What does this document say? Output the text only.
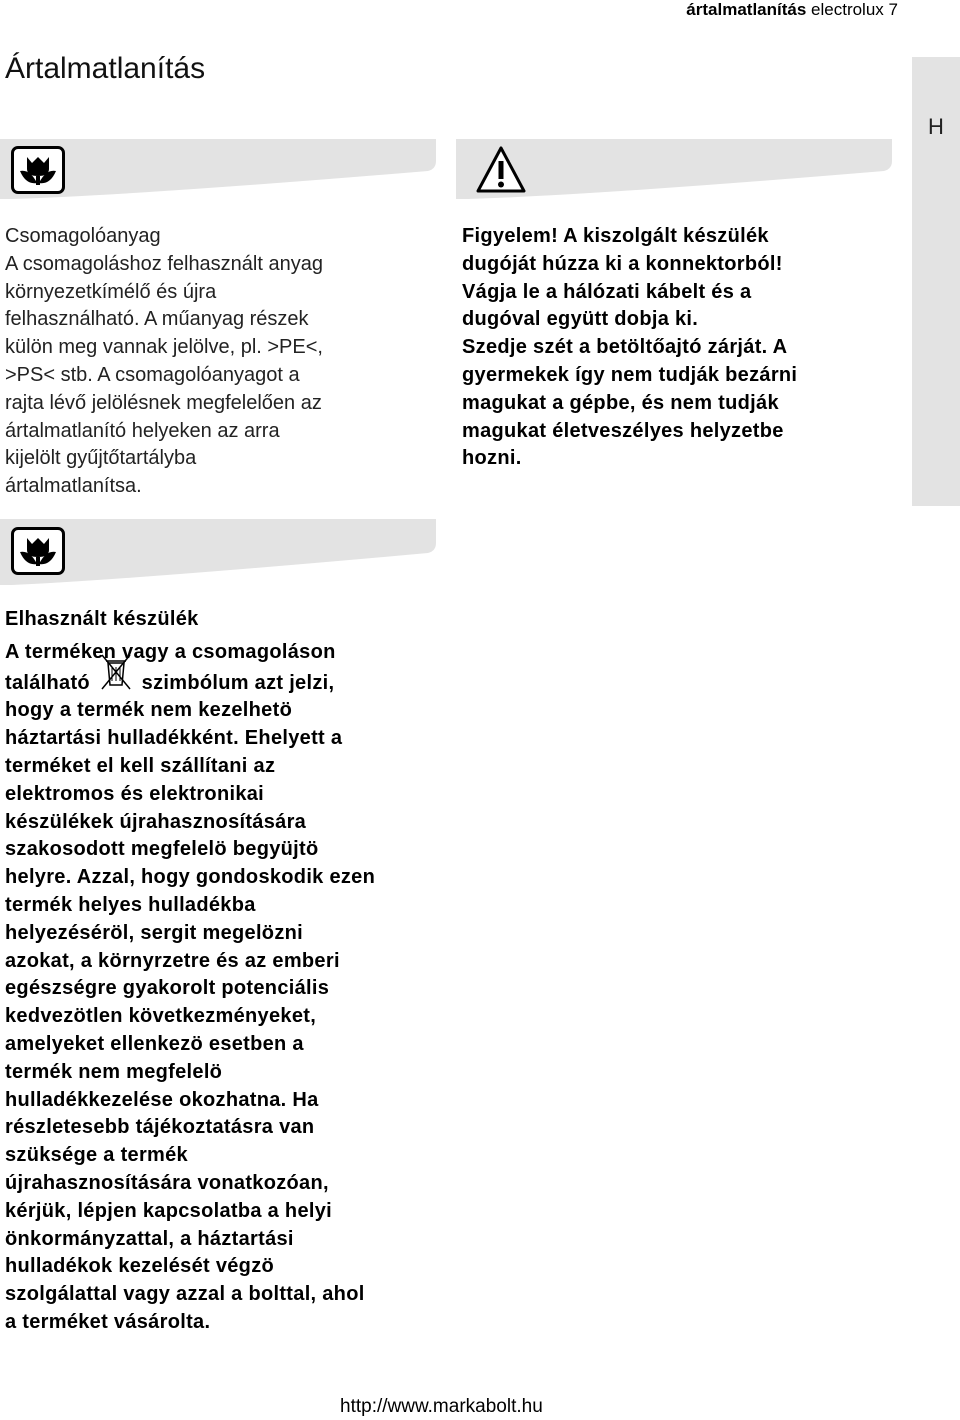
ártalmatlanítás electrolux 7
Ártalmatlanítás
H
Csomagolóanyag
A csomagoláshoz felhasznált anyag
környezetkímélő és újra
felhasználható. A műanyag részek
külön meg vannak jelölve, pl. >PE<,
>PS< stb. A csomagolóanyagot a
rajta lévő jelölésnek megfelelően az
ártalmatlanító helyeken az arra
kijelölt gyűjtőtartályba
ártalmatlanítsa.
Figyelem! A kiszolgált készülék
dugóját húzza ki a konnektorból!
Vágja le a hálózati kábelt és a
dugóval együtt dobja ki.
Szedje szét a betöltőajtó zárját. A
gyermekek így nem tudják bezárni
magukat a gépbe, és nem tudják
magukat életveszélyes helyzetbe
hozni.
Elhasznált készülék
A terméken vagy a csomagoláson
található	szimbólum azt jelzi,
hogy a termék nem kezelhetö
háztartási hulladékként. Ehelyett a
terméket el kell szállítani az
elektromos és elektronikai
készülékek újrahasznosítására
szakosodott megfelelö begyüjtö
helyre. Azzal, hogy gondoskodik ezen
termék helyes hulladékba
helyezéséröl, sergit megelözni
azokat, a környrzetre és az emberi
egészségre gyakorolt potenciális
kedvezötlen következményeket,
amelyeket ellenkezö esetben a
termék nem megfelelö
hulladékkezelése okozhatna. Ha
részletesebb tájékoztatásra van
szüksége a termék
újrahasznosítására vonatkozóan,
kérjük, lépjen kapcsolatba a helyi
önkormányzattal, a háztartási
hulladékok kezelését végzö
szolgálattal vagy azzal a bolttal, ahol
a terméket vásárolta.
http://www.markabolt.hu
